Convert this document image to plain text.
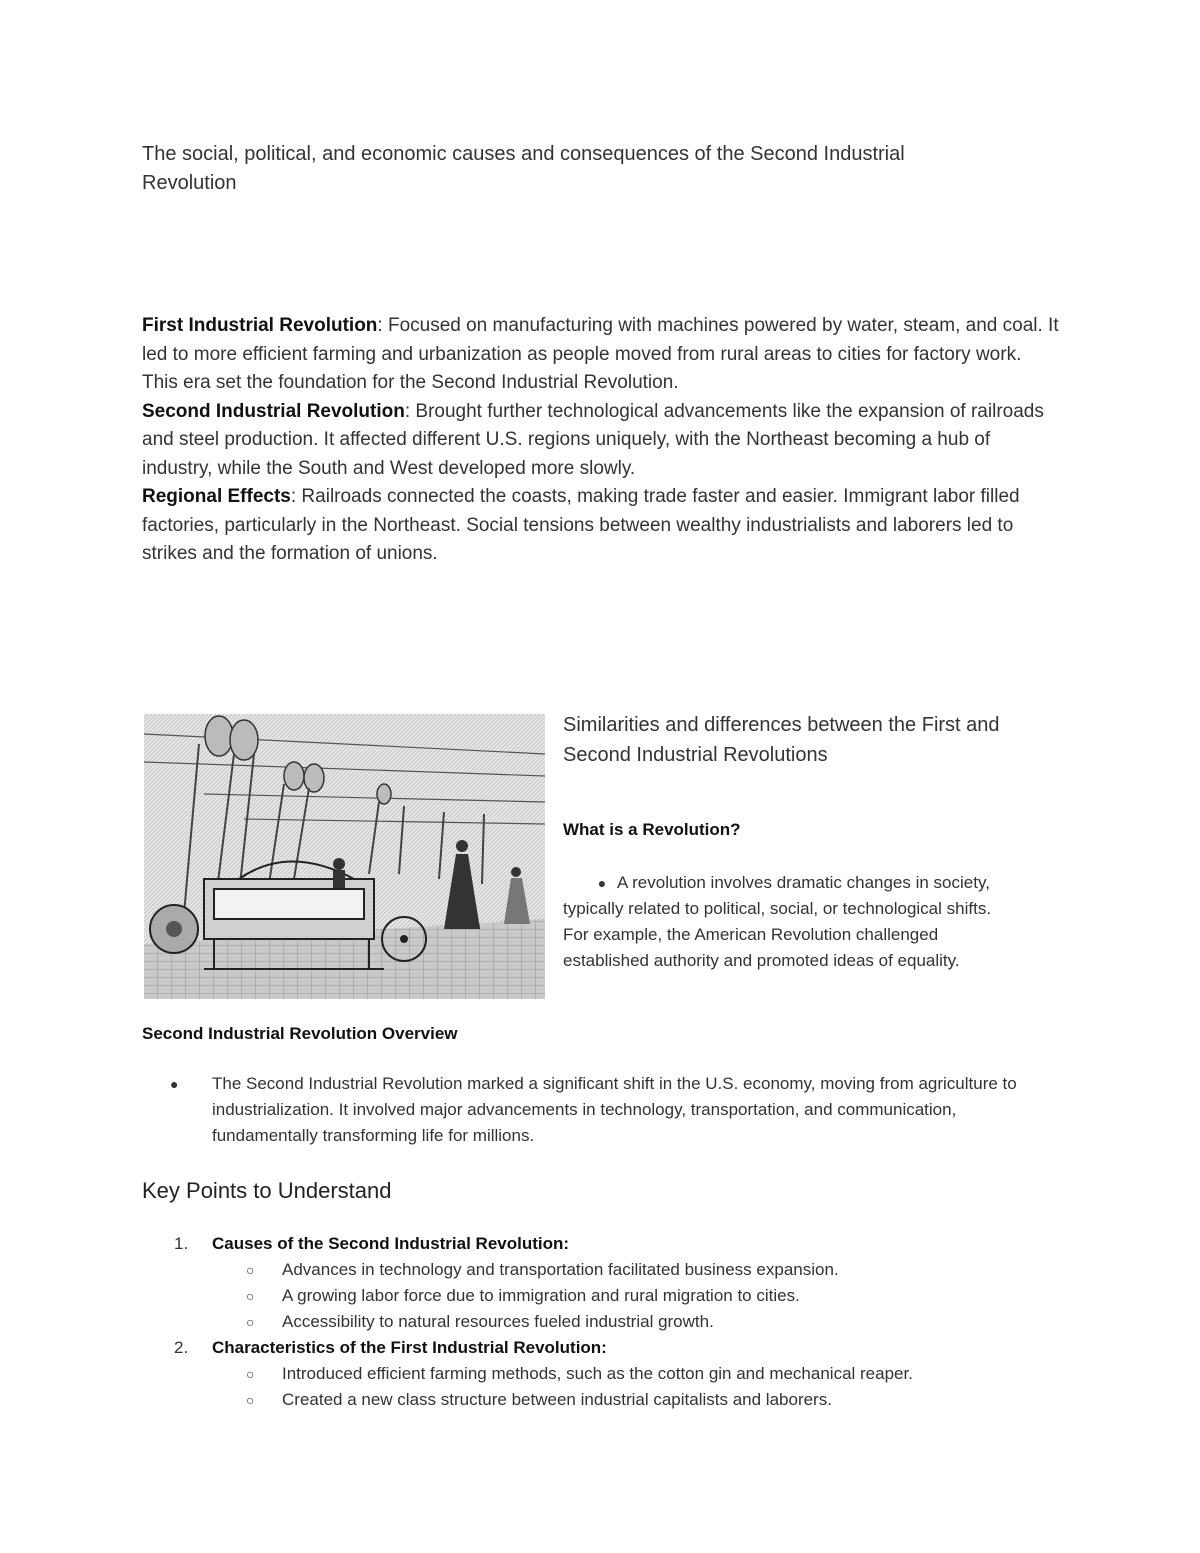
The social, political, and economic causes and consequences of the Second Industrial Revolution

First Industrial Revolution: Focused on manufacturing with machines powered by water, steam, and coal. It led to more efficient farming and urbanization as people moved from rural areas to cities for factory work. This era set the foundation for the Second Industrial Revolution.

Second Industrial Revolution: Brought further technological advancements like the expansion of railroads and steel production. It affected different U.S. regions uniquely, with the Northeast becoming a hub of industry, while the South and West developed more slowly.

Regional Effects: Railroads connected the coasts, making trade faster and easier. Immigrant labor filled factories, particularly in the Northeast. Social tensions between wealthy industrialists and laborers led to strikes and the formation of unions.

Similarities and differences between the First and Second Industrial Revolutions

What is a Revolution?

● A revolution involves dramatic changes in society, typically related to political, social, or technological shifts. For example, the American Revolution challenged established authority and promoted ideas of equality.
Second Industrial Revolution Overview
●	The Second Industrial Revolution marked a significant shift in the U.S. economy, moving from agriculture to industrialization. It involved major advancements in technology, transportation, and communication, fundamentally transforming life for millions.
Key Points to Understand
1.	Causes of the Second Industrial Revolution:
○	Advances in technology and transportation facilitated business expansion.
○	A growing labor force due to immigration and rural migration to cities.
○	Accessibility to natural resources fueled industrial growth.
2.	Characteristics of the First Industrial Revolution:
○	Introduced efficient farming methods, such as the cotton gin and mechanical reaper.
○	Created a new class structure between industrial capitalists and laborers.
